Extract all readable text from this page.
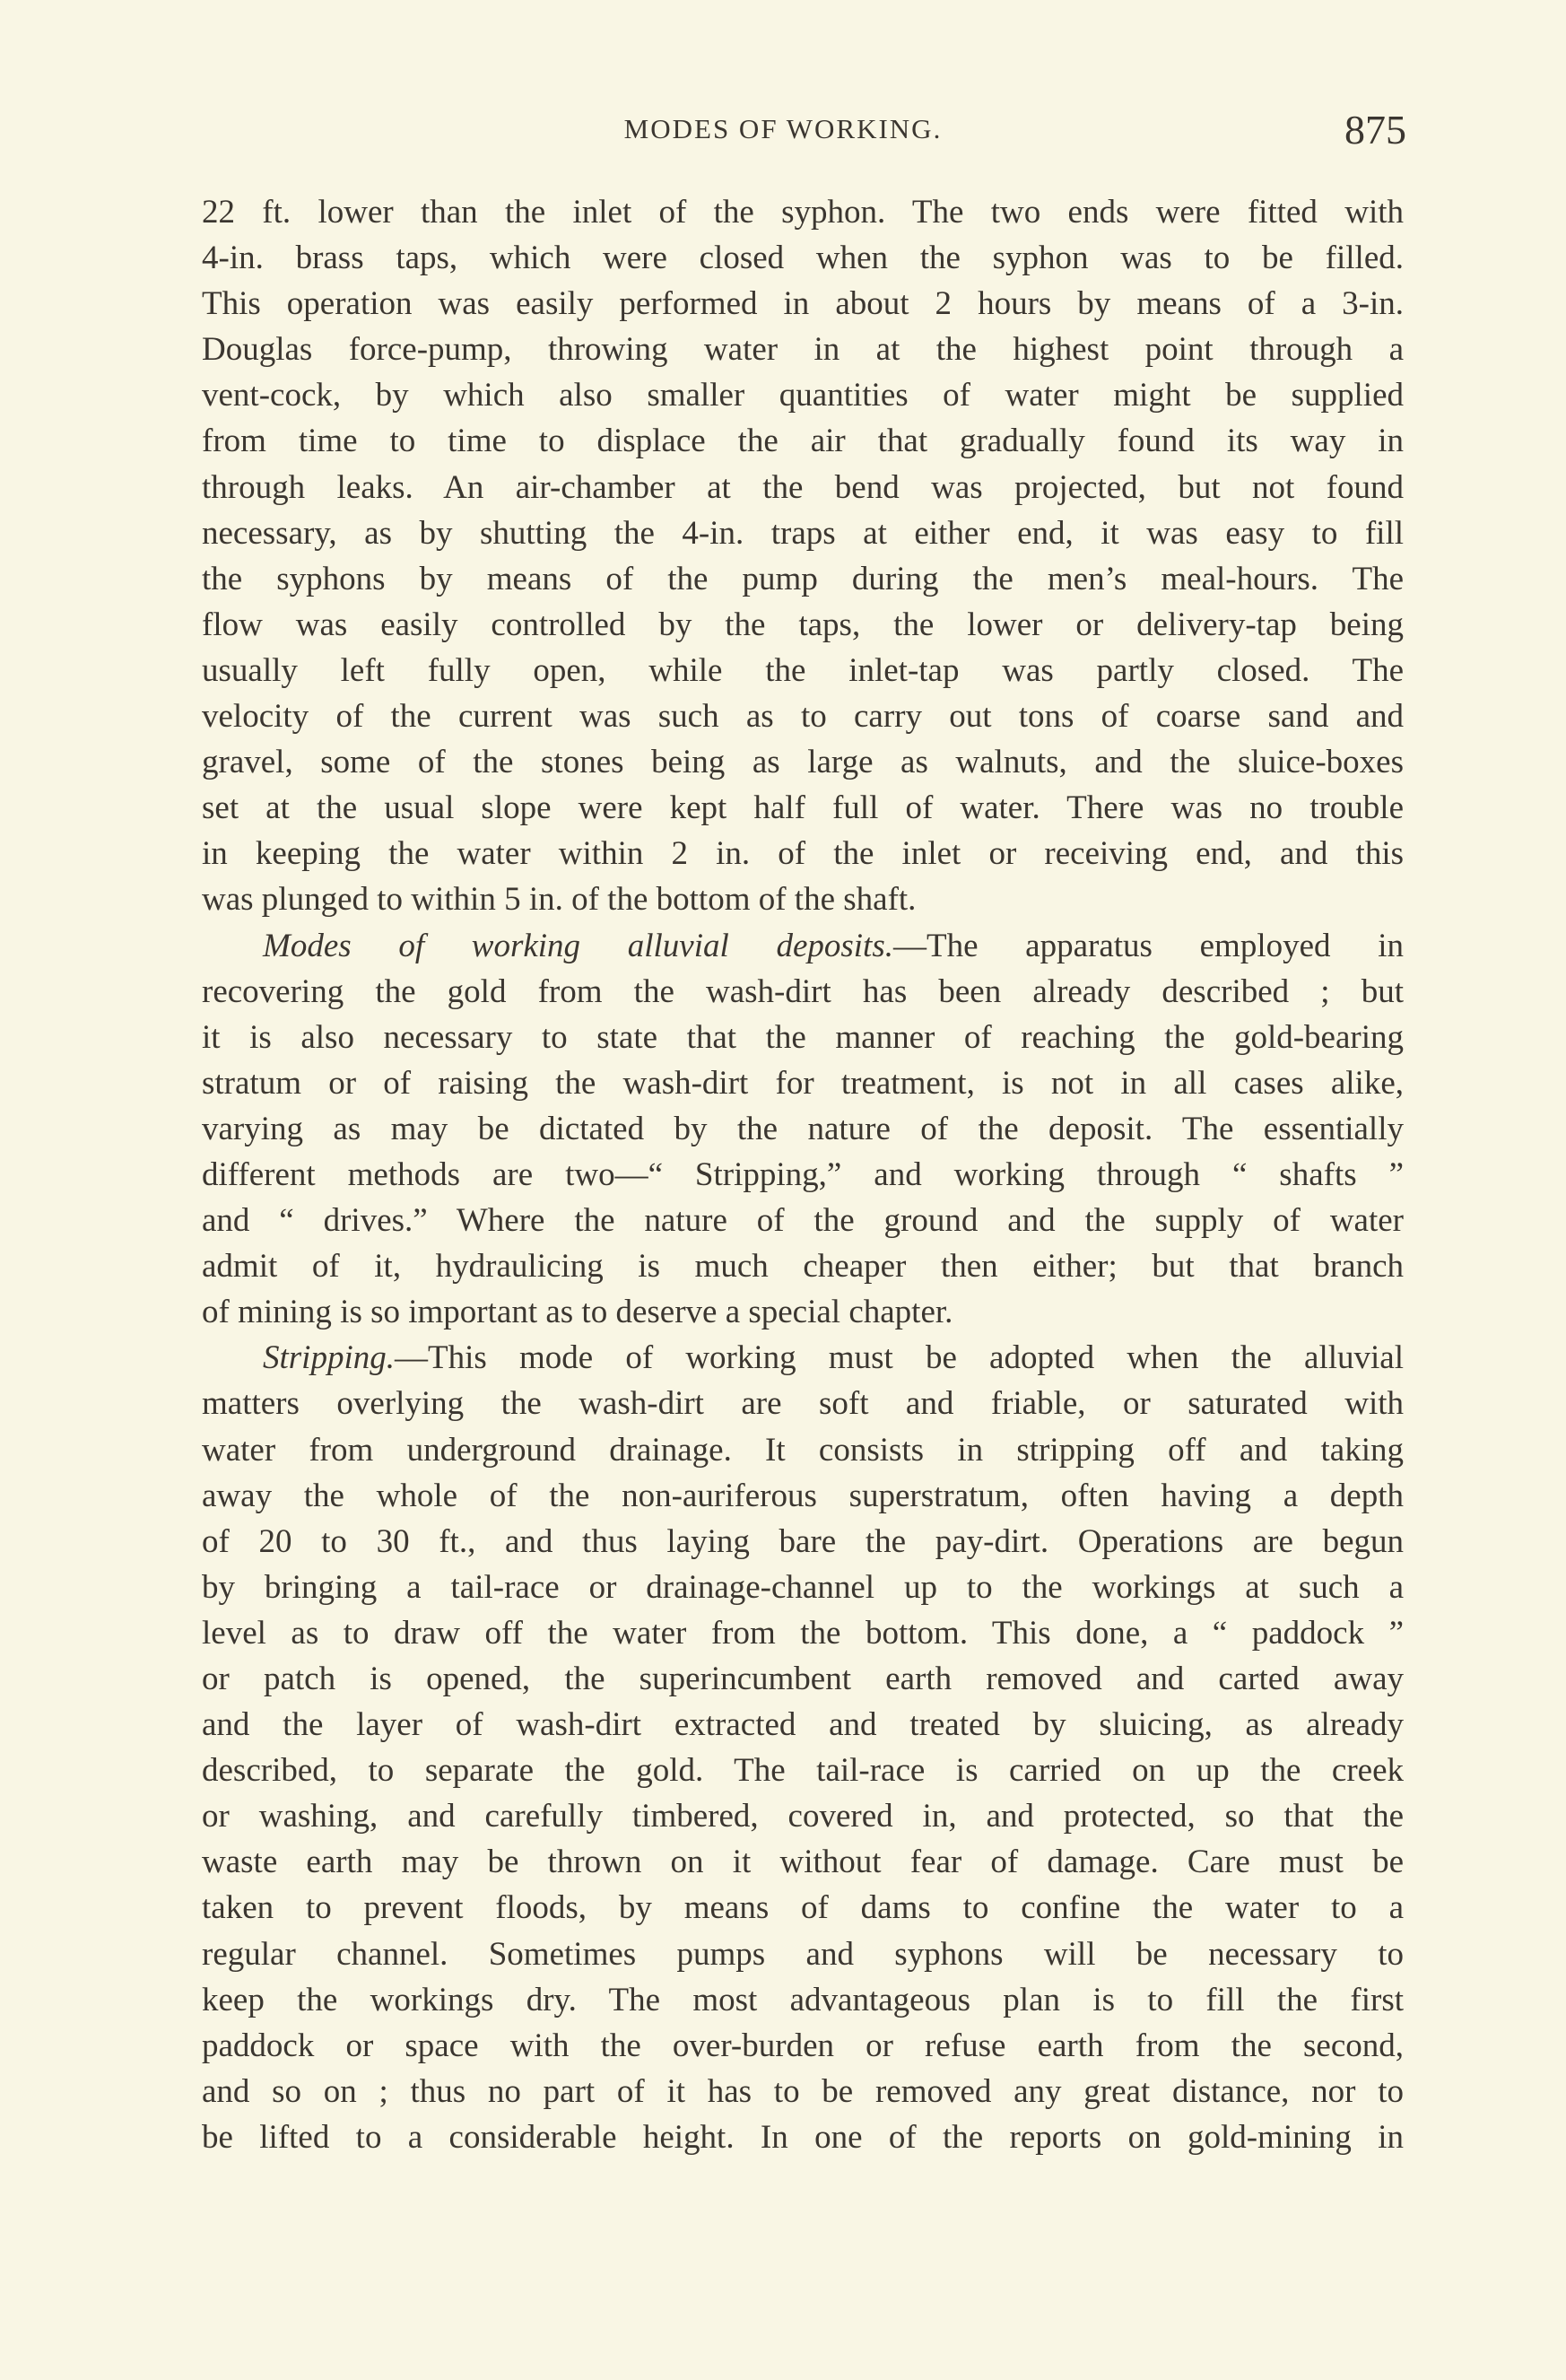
MODES OF WORKING.	875
22 ft. lower than the inlet of the syphon. The two ends were fitted with
4-in. brass taps, which were closed when the syphon was to be filled.
This operation was easily performed in about 2 hours by means of a 3-in.
Douglas force-pump, throwing water in at the highest point through a
vent-cock, by which also smaller quantities of water might be supplied
from time to time to displace the air that gradually found its way in
through leaks. An air-chamber at the bend was projected, but not found
necessary, as by shutting the 4-in. traps at either end, it was easy to fill
the syphons by means of the pump during the men’s meal-hours. The
flow was easily controlled by the taps, the lower or delivery-tap being
usually left fully open, while the inlet-tap was partly closed. The
velocity of the current was such as to carry out tons of coarse sand and
gravel, some of the stones being as large as walnuts, and the sluice-boxes
set at the usual slope were kept half full of water. There was no trouble
in keeping the water within 2 in. of the inlet or receiving end, and this
was plunged to within 5 in. of the bottom of the shaft.
Modes of working alluvial deposits.—The apparatus employed in
recovering the gold from the wash-dirt has been already described ; but
it is also necessary to state that the manner of reaching the gold-bearing
stratum or of raising the wash-dirt for treatment, is not in all cases alike,
varying as may be dictated by the nature of the deposit. The essentially
different methods are two—“ Stripping,” and working through “ shafts ”
and “ drives.” Where the nature of the ground and the supply of water
admit of it, hydraulicing is much cheaper then either; but that branch
of mining is so important as to deserve a special chapter.
Stripping.—This mode of working must be adopted when the alluvial
matters overlying the wash-dirt are soft and friable, or saturated with
water from underground drainage. It consists in stripping off and taking
away the whole of the non-auriferous superstratum, often having a depth
of 20 to 30 ft., and thus laying bare the pay-dirt. Operations are begun
by bringing a tail-race or drainage-channel up to the workings at such a
level as to draw off the water from the bottom. This done, a “ paddock ”
or patch is opened, the superincumbent earth removed and carted away
and the layer of wash-dirt extracted and treated by sluicing, as already
described, to separate the gold. The tail-race is carried on up the creek
or washing, and carefully timbered, covered in, and protected, so that the
waste earth may be thrown on it without fear of damage. Care must be
taken to prevent floods, by means of dams to confine the water to a
regular channel. Sometimes pumps and syphons will be necessary to
keep the workings dry. The most advantageous plan is to fill the first
paddock or space with the over-burden or refuse earth from the second,
and so on ; thus no part of it has to be removed any great distance, nor to
be lifted to a considerable height. In one of the reports on gold-mining in
